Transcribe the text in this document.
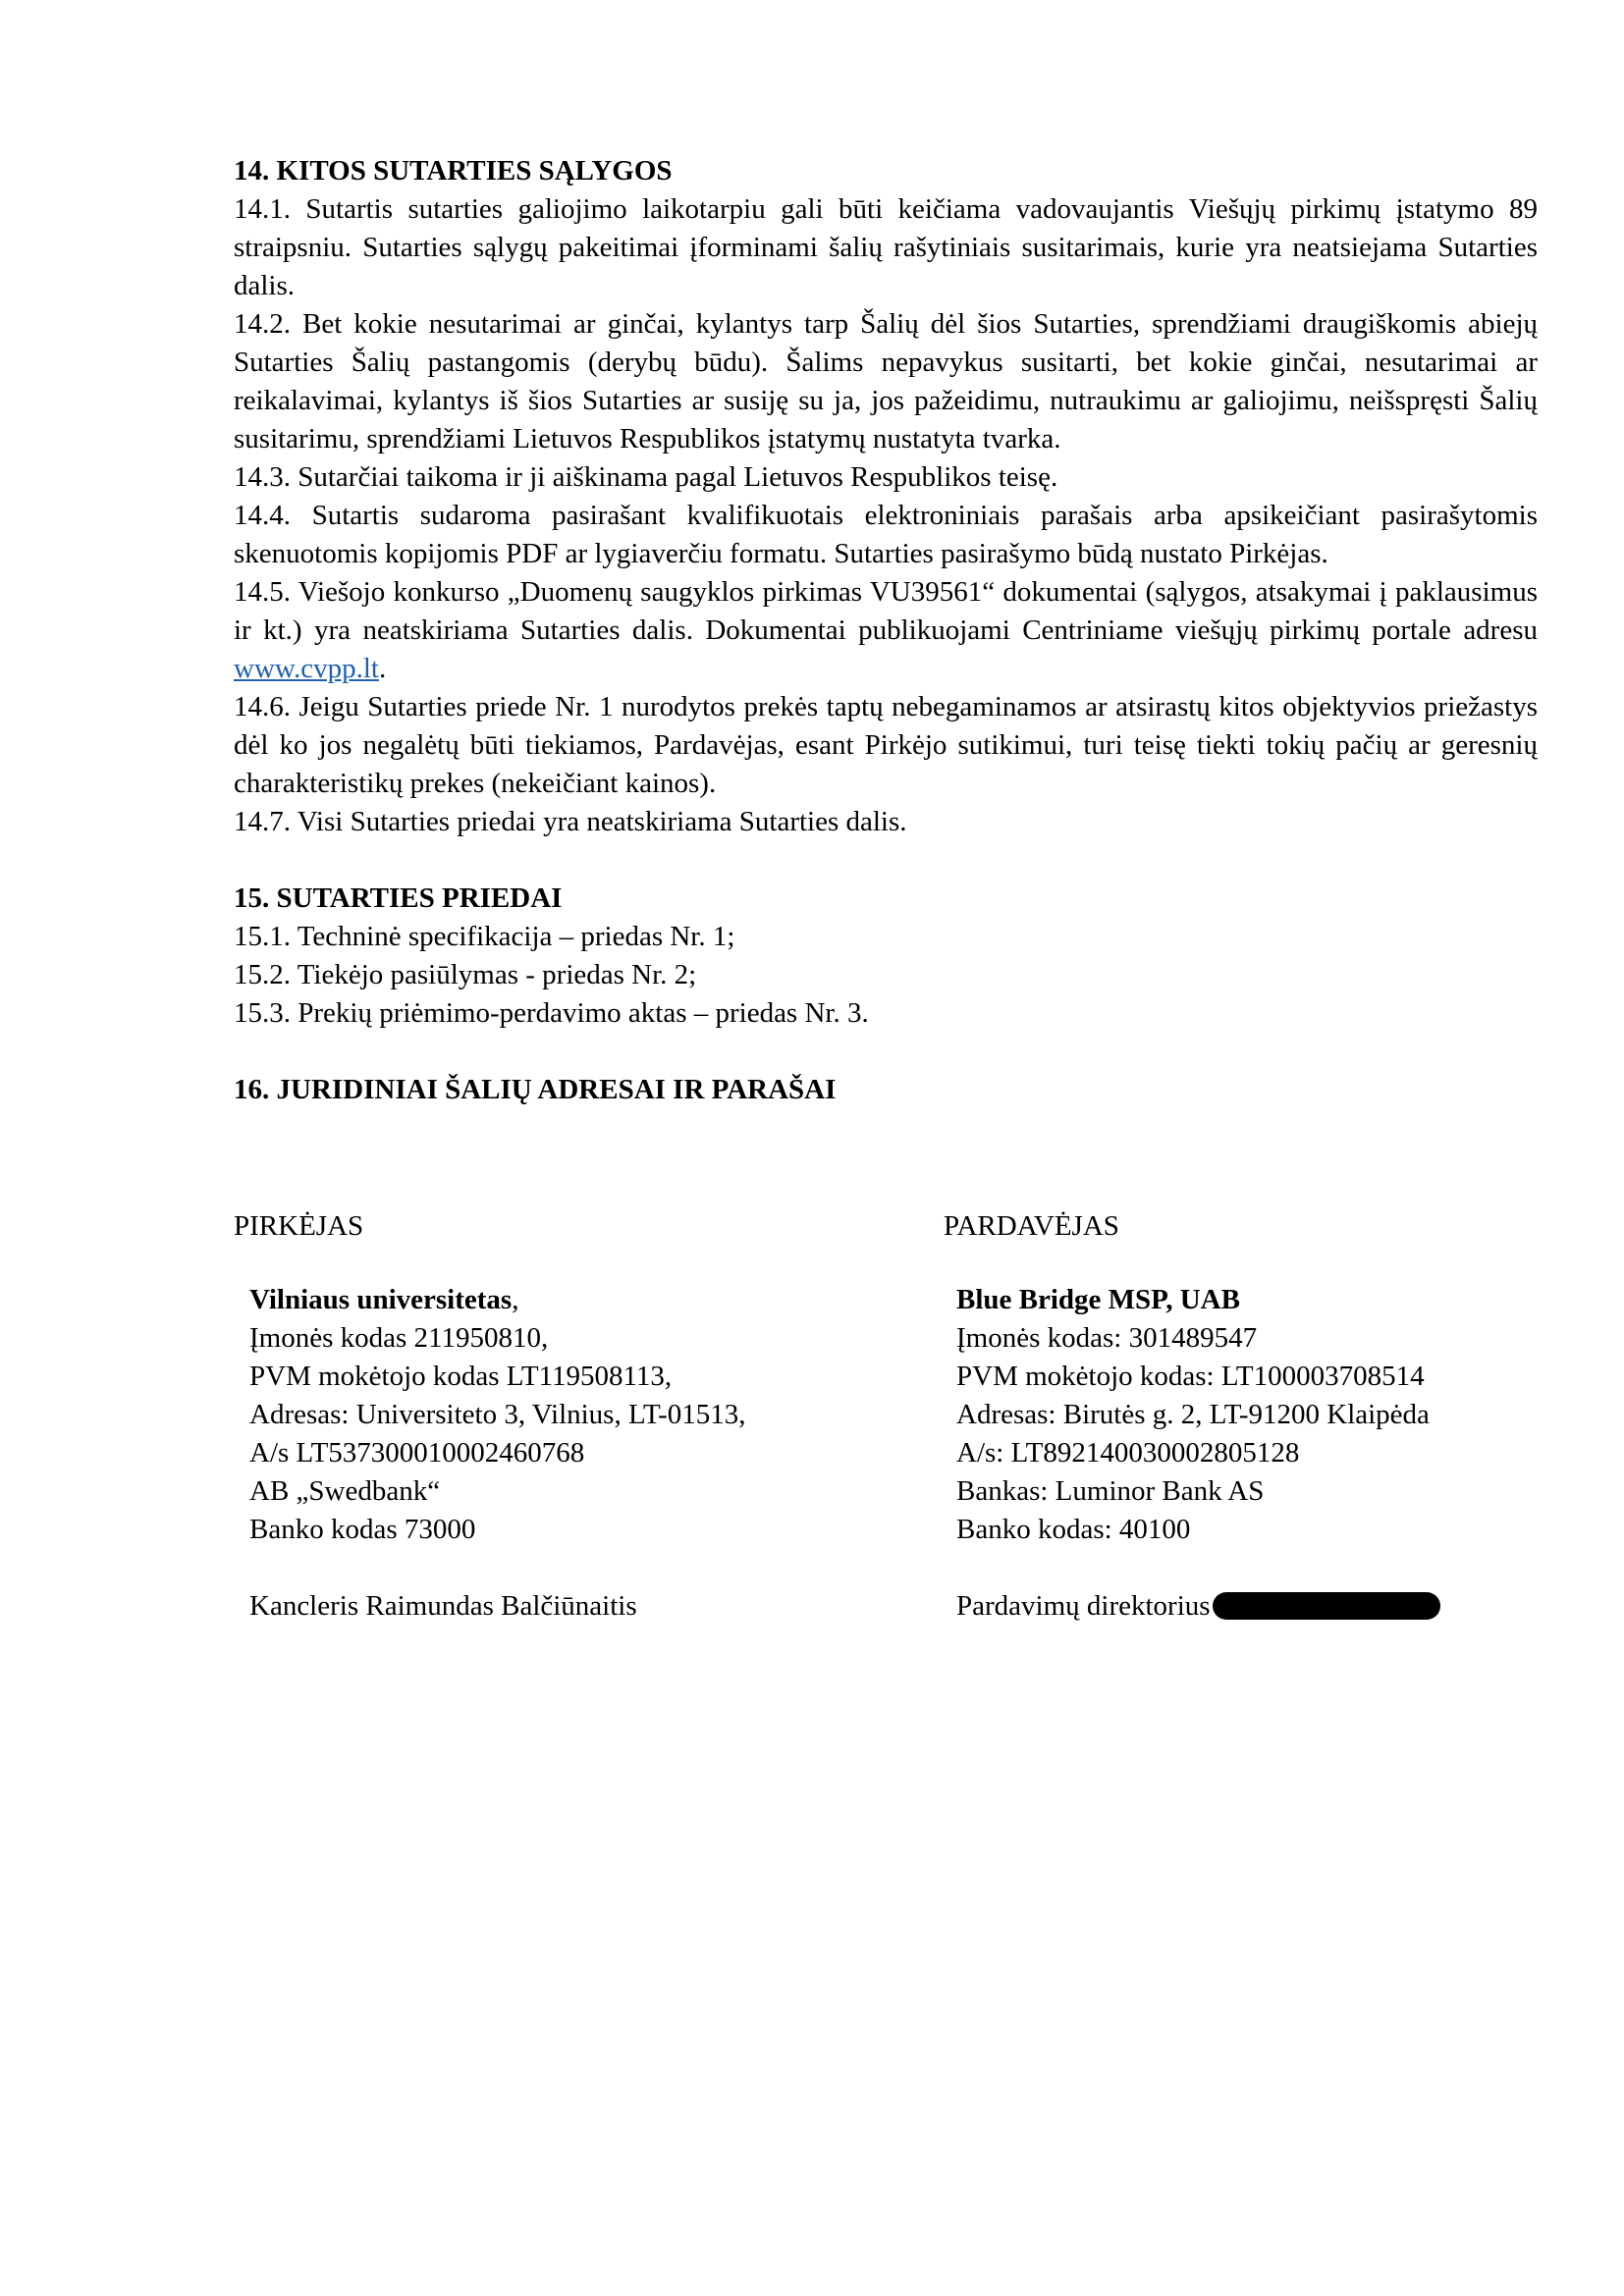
14. KITOS SUTARTIES SĄLYGOS

14.1. Sutartis sutarties galiojimo laikotarpiu gali būti keičiama vadovaujantis Viešųjų pirkimų įstatymo 89 straipsniu. Sutarties sąlygų pakeitimai įforminami šalių rašytiniais susitarimais, kurie yra neatsiejama Sutarties dalis.

14.2. Bet kokie nesutarimai ar ginčai, kylantys tarp Šalių dėl šios Sutarties, sprendžiami draugiškomis abiejų Sutarties Šalių pastangomis (derybų būdu). Šalims nepavykus susitarti, bet kokie ginčai, nesutarimai ar reikalavimai, kylantys iš šios Sutarties ar susiję su ja, jos pažeidimu, nutraukimu ar galiojimu, neišspręsti Šalių susitarimu, sprendžiami Lietuvos Respublikos įstatymų nustatyta tvarka.

14.3. Sutarčiai taikoma ir ji aiškinama pagal Lietuvos Respublikos teisę.

14.4. Sutartis sudaroma pasirašant kvalifikuotais elektroniniais parašais arba apsikeičiant pasirašytomis skenuotomis kopijomis PDF ar lygiaverčiu formatu. Sutarties pasirašymo būdą nustato Pirkėjas.

14.5. Viešojo konkurso „Duomenų saugyklos pirkimas VU39561“ dokumentai (sąlygos, atsakymai į paklausimus ir kt.) yra neatskiriama Sutarties dalis. Dokumentai publikuojami Centriniame viešųjų pirkimų portale adresu www.cvpp.lt.

14.6. Jeigu Sutarties priede Nr. 1 nurodytos prekės taptų nebegaminamos ar atsirastų kitos objektyvios priežastys dėl ko jos negalėtų būti tiekiamos, Pardavėjas, esant Pirkėjo sutikimui, turi teisę tiekti tokių pačių ar geresnių charakteristikų prekes (nekeičiant kainos).

14.7. Visi Sutarties priedai yra neatskiriama Sutarties dalis.

15. SUTARTIES PRIEDAI

15.1. Techninė specifikacija – priedas Nr. 1;

15.2. Tiekėjo pasiūlymas - priedas Nr. 2;

15.3. Prekių priėmimo-perdavimo aktas – priedas Nr. 3.

16. JURIDINIAI ŠALIŲ ADRESAI IR PARAŠAI

PIRKĖJAS	PARDAVĖJAS

Vilniaus universitetas,

Įmonės kodas 211950810,

PVM mokėtojo kodas LT119508113,

Adresas: Universiteto 3, Vilnius, LT-01513,

A/s LT537300010002460768

AB „Swedbank“

Banko kodas 73000

Kancleris Raimundas Balčiūnaitis

Blue Bridge MSP, UAB

Įmonės kodas: 301489547

PVM mokėtojo kodas: LT100003708514

Adresas: Birutės g. 2, LT-91200 Klaipėda

A/s: LT892140030002805128

Bankas: Luminor Bank AS

Banko kodas: 40100

Pardavimų direktorius
